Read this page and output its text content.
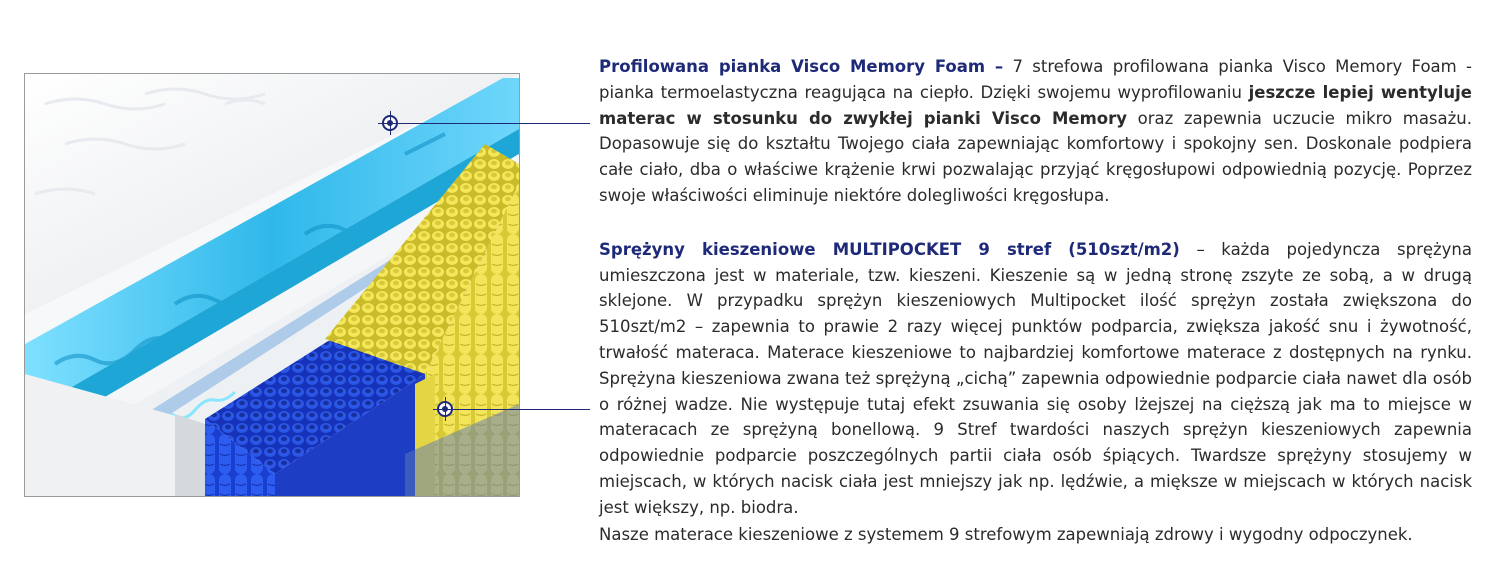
Profilowana pianka Visco Memory Foam – 7 strefowa profilowana pianka Visco Memory Foam - pianka termoelastyczna reagująca na ciepło. Dzięki swojemu wyprofilowaniu jeszcze lepiej wentyluje materac w stosunku do zwykłej pianki Visco Memory oraz zapewnia uczucie mikro masażu. Dopasowuje się do kształtu Twojego ciała zapewniając komfortowy i spokojny sen. Doskonale podpiera całe ciało, dba o właściwe krążenie krwi pozwalając przyjąć kręgosłupowi odpowiednią pozycję. Poprzez swoje właściwości eliminuje niektóre dolegliwości kręgosłupa.

Sprężyny kieszeniowe MULTIPOCKET 9 stref (510szt/m2) – każda pojedyncza sprężyna umieszczona jest w materiale, tzw. kieszeni. Kieszenie są w jedną stronę zszyte ze sobą, a w drugą sklejone. W przypadku sprężyn kieszeniowych Multipocket ilość sprężyn została zwiększona do 510szt/m2 – zapewnia to prawie 2 razy więcej punktów podparcia, zwiększa jakość snu i żywotność, trwałość materaca. Materace kieszeniowe to najbardziej komfortowe materace z dostępnych na rynku. Sprężyna kieszeniowa zwana też sprężyną „cichą” zapewnia odpowiednie podparcie ciała nawet dla osób o różnej wadze. Nie występuje tutaj efekt zsuwania się osoby lżejszej na cięższą jak ma to miejsce w materacach ze sprężyną bonellową. 9 Stref twardości naszych sprężyn kieszeniowych zapewnia odpowiednie podparcie poszczególnych partii ciała osób śpiących. Twardsze sprężyny stosujemy w miejscach, w których nacisk ciała jest mniejszy jak np. lędźwie, a miększe w miejscach w których nacisk jest większy, np. biodra.

Nasze materace kieszeniowe z systemem 9 strefowym zapewniają zdrowy i wygodny odpoczynek.
